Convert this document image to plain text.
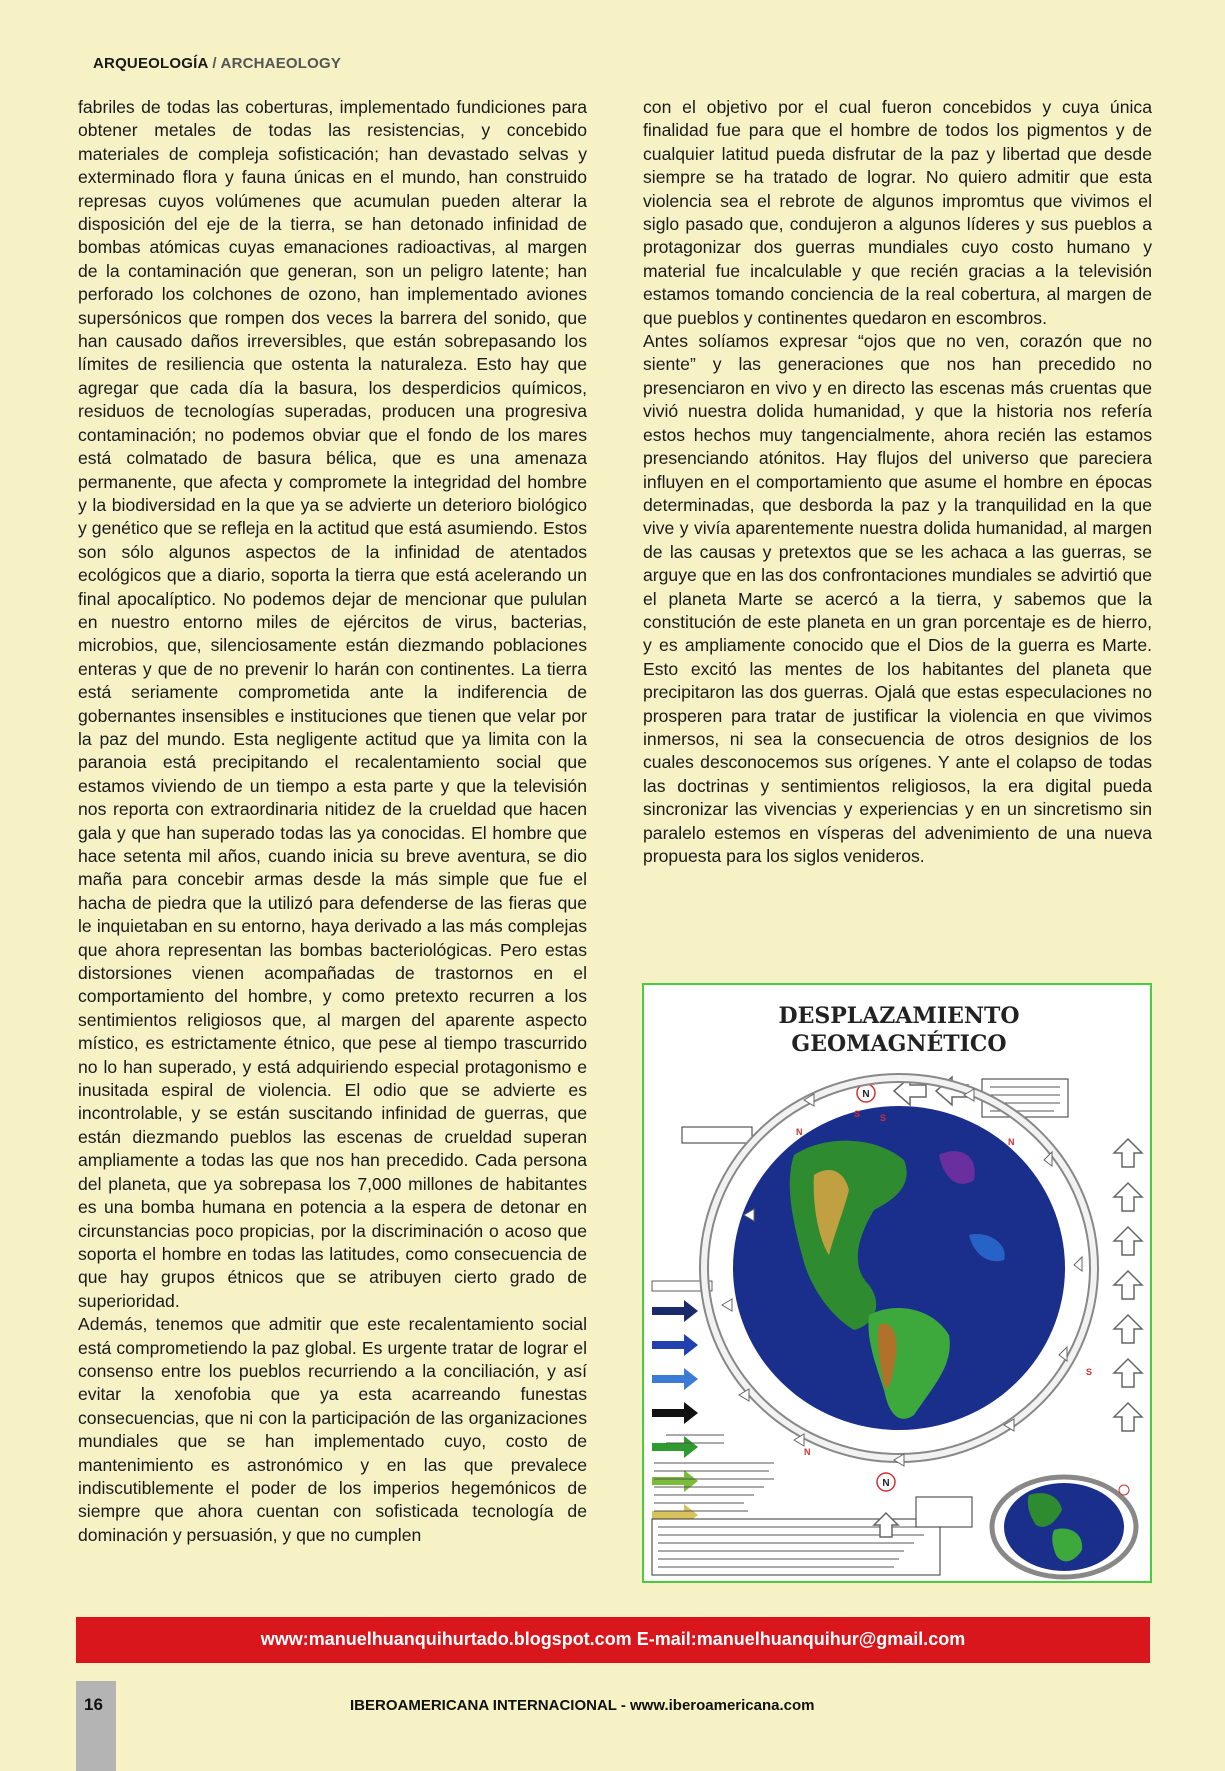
ARQUEOLOGÍA / ARCHAEOLOGY

fabriles de todas las coberturas, implementado fundiciones para obtener metales de todas las resistencias, y concebido materiales de compleja sofisticación; han devastado selvas y exterminado flora y fauna únicas en el mundo, han construido represas cuyos volúmenes que acumulan pueden alterar la disposición del eje de la tierra, se han detonado infinidad de bombas atómicas cuyas emanaciones radioactivas, al margen de la contaminación que generan, son un peligro latente; han perforado los colchones de ozono, han implementado aviones supersónicos que rompen dos veces la barrera del sonido, que han causado daños irreversibles, que están sobrepasando los límites de resiliencia que ostenta la naturaleza. Esto hay que agregar que cada día la basura, los desperdicios químicos, residuos de tecnologías superadas, producen una progresiva contaminación; no podemos obviar que el fondo de los mares está colmatado de basura bélica, que es una amenaza permanente, que afecta y compromete la integridad del hombre y la biodiversidad en la que ya se advierte un deterioro biológico y genético que se refleja en la actitud que está asumiendo. Estos son sólo algunos aspectos de la infinidad de atentados ecológicos que a diario, soporta la tierra que está acelerando un final apocalíptico. No podemos dejar de mencionar que pululan en nuestro entorno miles de ejércitos de virus, bacterias, microbios, que, silenciosamente están diezmando poblaciones enteras y que de no prevenir lo harán con continentes. La tierra está seriamente comprometida ante la indiferencia de gobernantes insensibles e instituciones que tienen que velar por la paz del mundo. Esta negligente actitud que ya limita con la paranoia está precipitando el recalentamiento social que estamos viviendo de un tiempo a esta parte y que la televisión nos reporta con extraordinaria nitidez de la crueldad que hacen gala y que han superado todas las ya conocidas. El hombre que hace setenta mil años, cuando inicia su breve aventura, se dio maña para concebir armas desde la más simple que fue el hacha de piedra que la utilizó para defenderse de las fieras que le inquietaban en su entorno, haya derivado a las más complejas que ahora representan las bombas bacteriológicas. Pero estas distorsiones vienen acompañadas de trastornos en el comportamiento del hombre, y como pretexto recurren a los sentimientos religiosos que, al margen del aparente aspecto místico, es estrictamente étnico, que pese al tiempo trascurrido no lo han superado, y está adquiriendo especial protagonismo e inusitada espiral de violencia. El odio que se advierte es incontrolable, y se están suscitando infinidad de guerras, que están diezmando pueblos las escenas de crueldad superan ampliamente a todas las que nos han precedido. Cada persona del planeta, que ya sobrepasa los 7,000 millones de habitantes es una bomba humana en potencia a la espera de detonar en circunstancias poco propicias, por la discriminación o acoso que soporta el hombre en todas las latitudes, como consecuencia de que hay grupos étnicos que se atribuyen cierto grado de superioridad.

Además, tenemos que admitir que este recalentamiento social está comprometiendo la paz global. Es urgente tratar de lograr el consenso entre los pueblos recurriendo a la conciliación, y así evitar la xenofobia que ya esta acarreando funestas consecuencias, que ni con la participación de las organizaciones mundiales que se han implementado cuyo, costo de mantenimiento es astronómico y en las que prevalece indiscutiblemente el poder de los imperios hegemónicos de siempre que ahora cuentan con sofisticada tecnología de dominación y persuasión, y que no cumplen

con el objetivo por el cual fueron concebidos y cuya única finalidad fue para que el hombre de todos los pigmentos y de cualquier latitud pueda disfrutar de la paz y libertad que desde siempre se ha tratado de lograr. No quiero admitir que esta violencia sea el rebrote de algunos impromtus que vivimos el siglo pasado que, condujeron a algunos líderes y sus pueblos a protagonizar dos guerras mundiales cuyo costo humano y material fue incalculable y que recién gracias a la televisión estamos tomando conciencia de la real cobertura, al margen de que pueblos y continentes quedaron en escombros.

Antes solíamos expresar “ojos que no ven, corazón que no siente” y las generaciones que nos han precedido no presenciaron en vivo y en directo las escenas más cruentas que vivió nuestra dolida humanidad, y que la historia nos refería estos hechos muy tangencialmente, ahora recién las estamos presenciando atónitos. Hay flujos del universo que pareciera influyen en el comportamiento que asume el hombre en épocas determinadas, que desborda la paz y la tranquilidad en la que vive y vivía aparentemente nuestra dolida humanidad, al margen de las causas y pretextos que se les achaca a las guerras, se arguye que en las dos confrontaciones mundiales se advirtió que el planeta Marte se acercó a la tierra, y sabemos que la constitución de este planeta en un gran porcentaje es de hierro, y es ampliamente conocido que el Dios de la guerra es Marte. Esto excitó las mentes de los habitantes del planeta que precipitaron las dos guerras. Ojalá que estas especulaciones no prosperen para tratar de justificar la violencia en que vivimos inmersos, ni sea la consecuencia de otros designios de los cuales desconocemos sus orígenes. Y ante el colapso de todas las doctrinas y sentimientos religiosos, la era digital pueda sincronizar las vivencias y experiencias y en un sincretismo sin paralelo estemos en vísperas del advenimiento de una nueva propuesta para los siglos venideros.

DESPLAZAMIENTO
GEOMAGNÉTICO
N
N
S S
N
N
S
N
www:manuelhuanquihurtado.blogspot.com E-mail:manuelhuanquihur@gmail.com
16	IBEROAMERICANA INTERNACIONAL - www.iberoamericana.com
